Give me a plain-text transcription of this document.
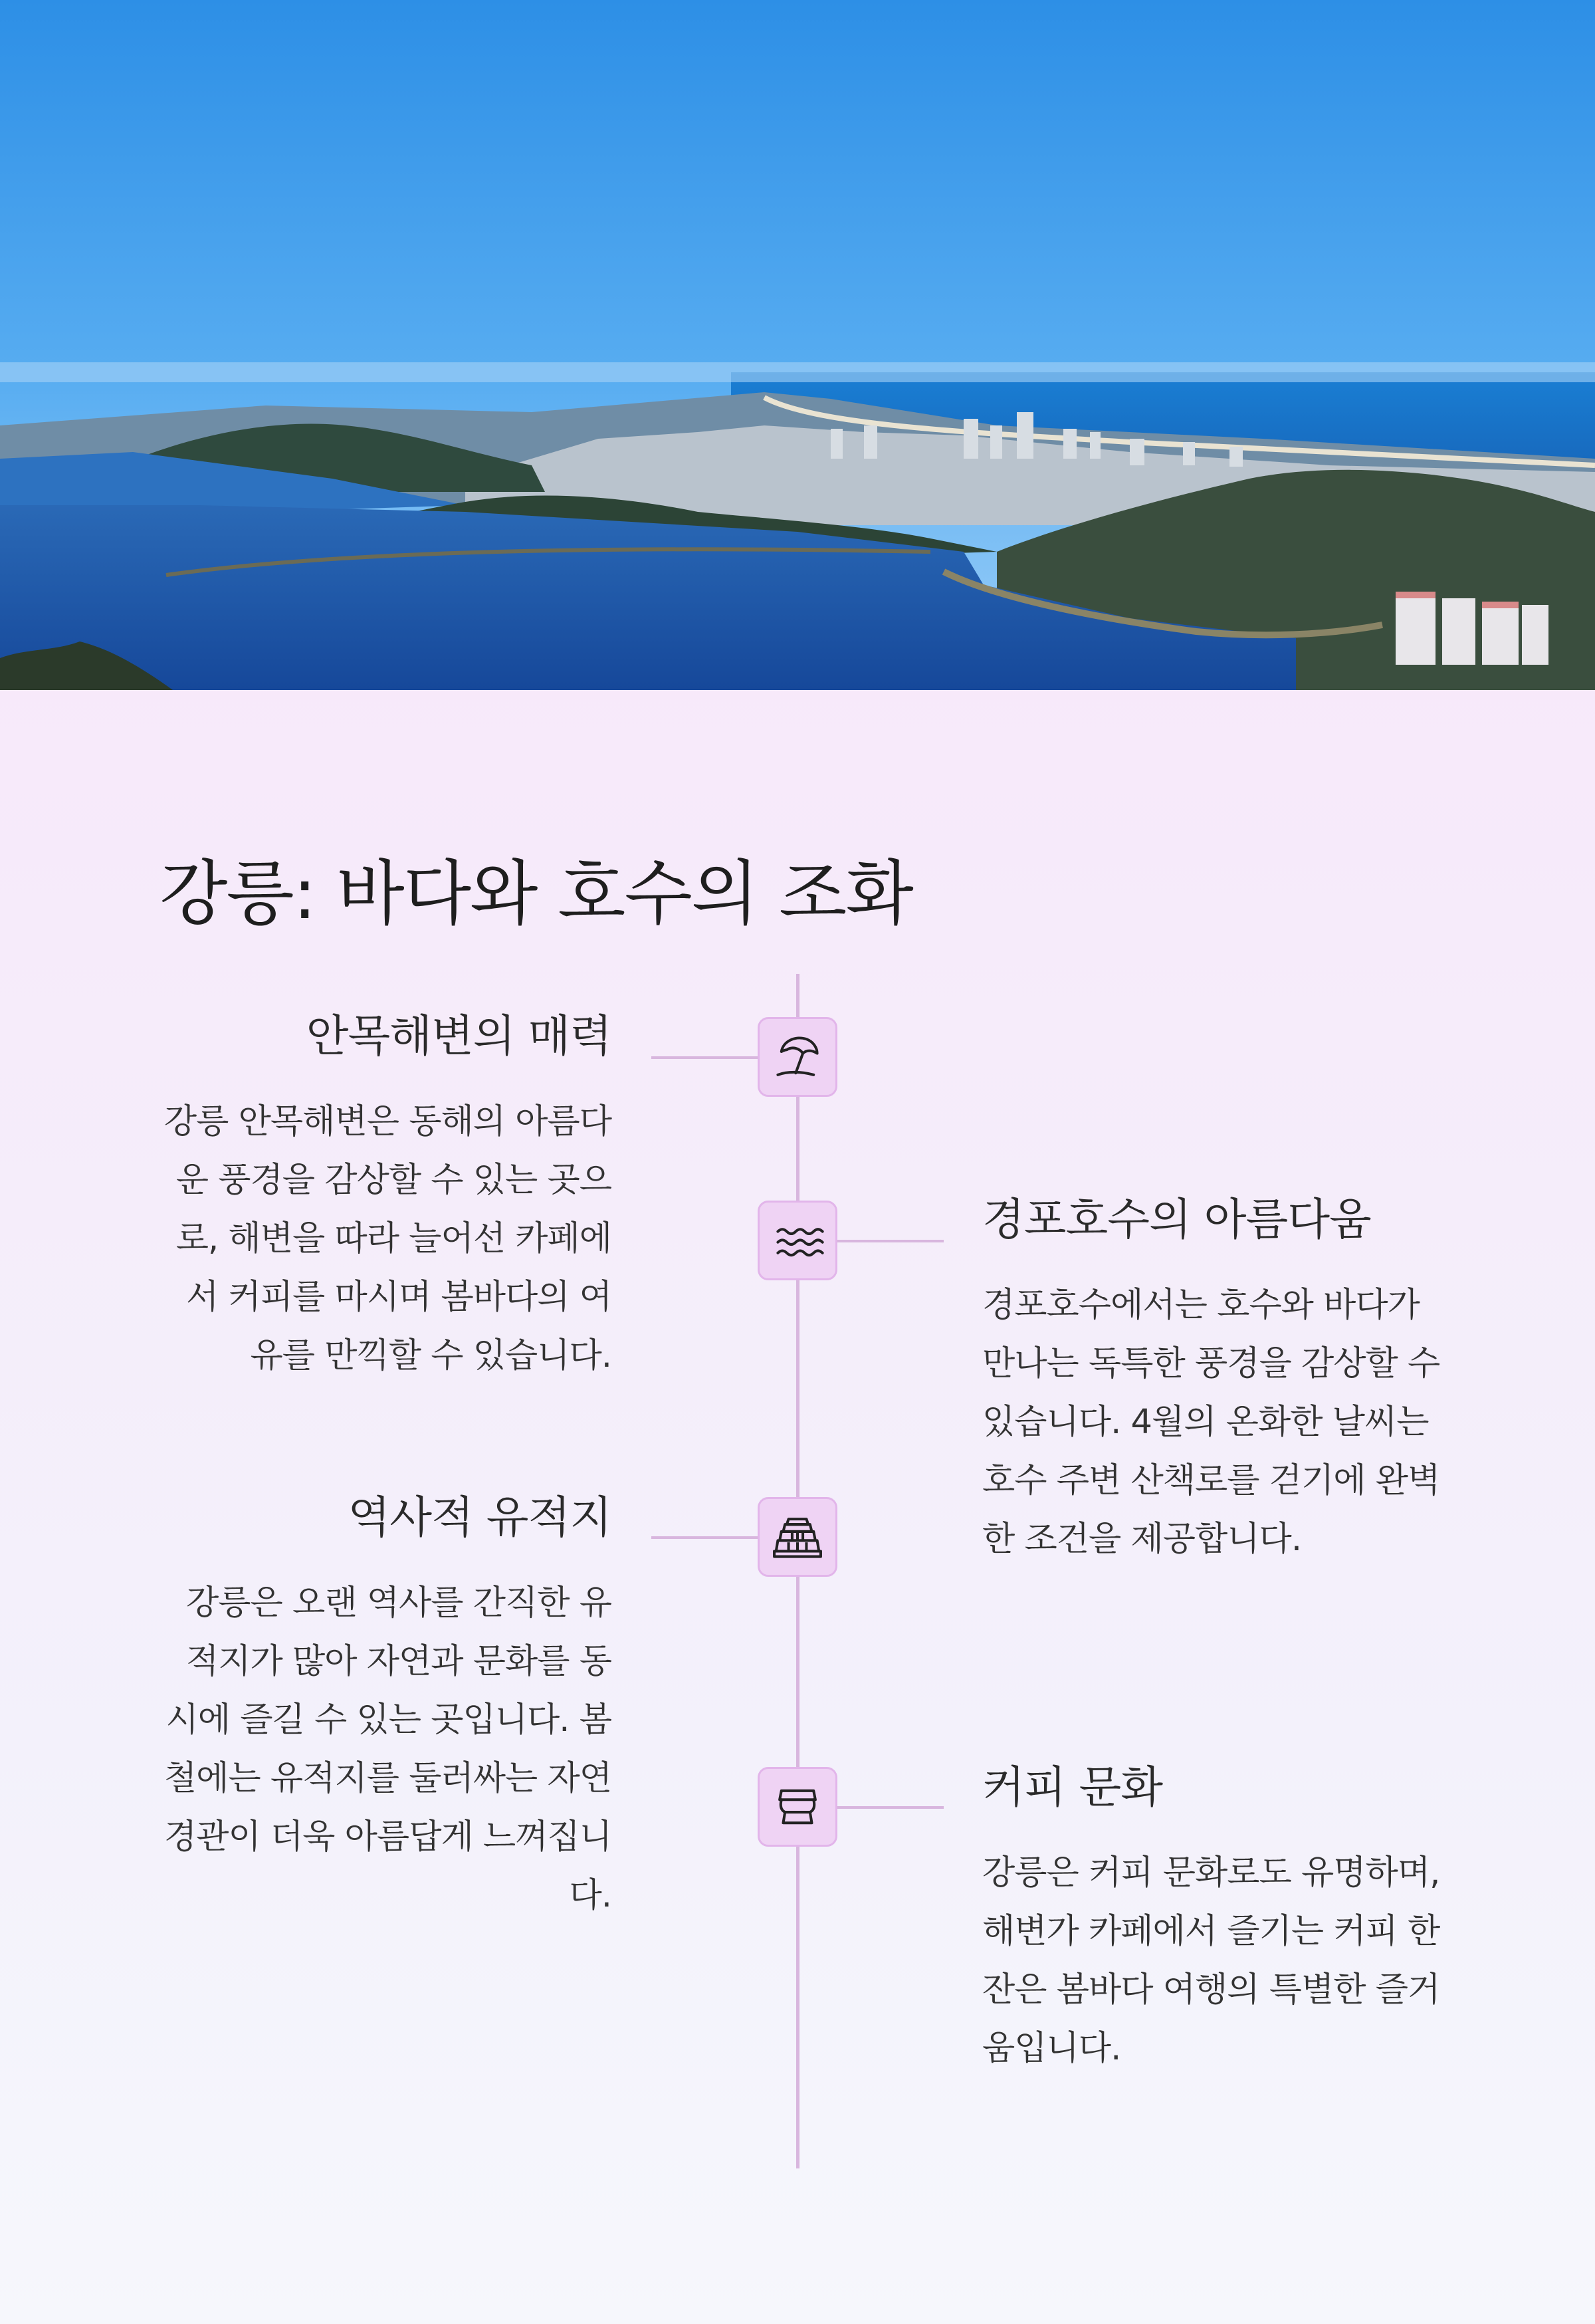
강릉: 바다와 호수의 조화
안목해변의 매력

강릉 안목해변은 동해의 아름다운 풍경을 감상할 수 있는 곳으로, 해변을 따라 늘어선 카페에서 커피를 마시며 봄바다의 여유를 만끽할 수 있습니다.

경포호수의 아름다움

경포호수에서는 호수와 바다가 만나는 독특한 풍경을 감상할 수 있습니다. 4월의 온화한 날씨는 호수 주변 산책로를 걷기에 완벽한 조건을 제공합니다.

역사적 유적지

강릉은 오랜 역사를 간직한 유적지가 많아 자연과 문화를 동시에 즐길 수 있는 곳입니다. 봄철에는 유적지를 둘러싸는 자연 경관이 더욱 아름답게 느껴집니다.

커피 문화

강릉은 커피 문화로도 유명하며, 해변가 카페에서 즐기는 커피 한 잔은 봄바다 여행의 특별한 즐거움입니다.
